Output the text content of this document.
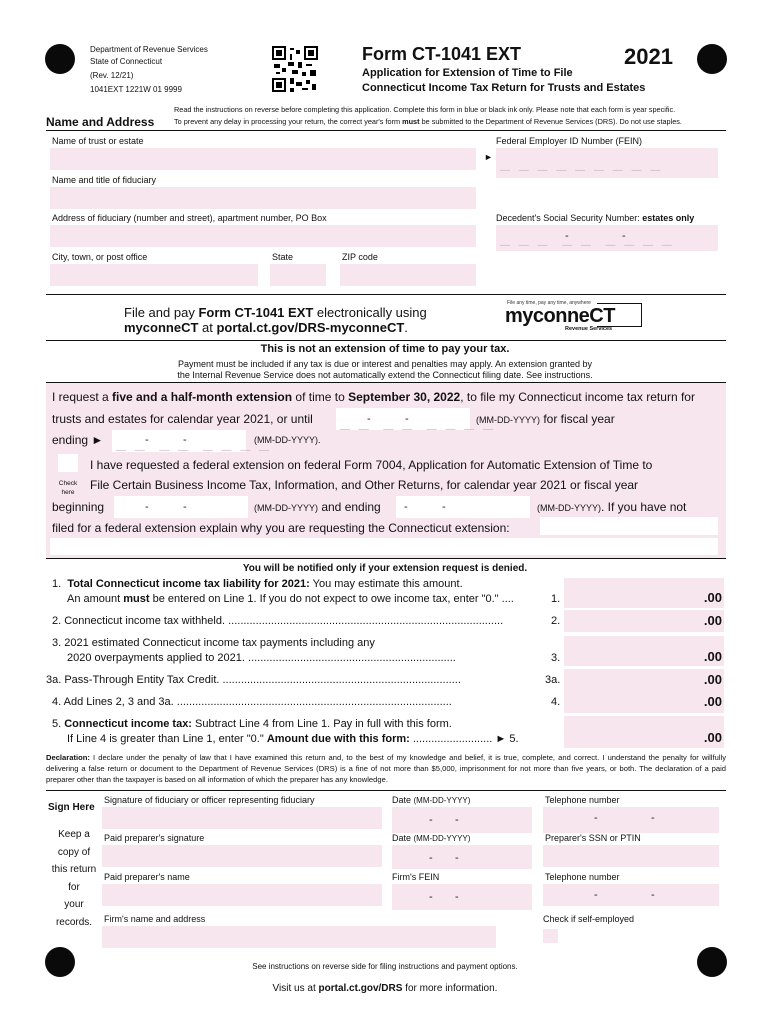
Department of Revenue Services
State of Connecticut
(Rev. 12/21)
1041EXT 1221W 01 9999
Form CT-1041 EXT	2021
Application for Extension of Time to File
Connecticut Income Tax Return for Trusts and Estates
Name and Address
Read the instructions on reverse before completing this application. Complete this form in blue or black ink only. Please note that each form is year specific.
To prevent any delay in processing your return, the correct year's form must be submitted to the Department of Revenue Services (DRS). Do not use staples.
Name of trust or estate	Federal Employer ID Number (FEIN)
►
— — — — — — — — —
Name and title of fiduciary
Address of fiduciary (number and street), apartment number, PO Box	Decedent's Social Security Number: estates only
-	-
— — —  — —  — — — —
City, town, or post office	State	ZIP code
File and pay Form CT-1041 EXT electronically using
myconneCT at portal.ct.gov/DRS-myconneCT.
File any time, pay any time, anywhere
myconneCT
Revenue Services
This is not an extension of time to pay your tax.
Payment must be included if any tax is due or interest and penalties may apply. An extension granted by
the Internal Revenue Service does not automatically extend the Connecticut filing date. See instructions.
I request a five and a half-month extension of time to September 30, 2022, to file my Connecticut income tax return for
trusts and estates for calendar year 2021, or until	-	-
— —  — —  — — — —
(MM-DD-YYYY) for fiscal year
ending ►	-	-
— —  — —  — — — —
(MM-DD-YYYY).
Check here
I have requested a federal extension on federal Form 7004, Application for Automatic Extension of Time to
File Certain Business Income Tax, Information, and Other Returns, for calendar year 2021 or fiscal year
beginning	-	-	(MM-DD-YYYY) and ending -	-	(MM-DD-YYYY). If you have not
filed for a federal extension explain why you are requesting the Connecticut extension:
You will be notified only if your extension request is denied.
1. Total Connecticut income tax liability for 2021: You may estimate this amount.
An amount must be entered on Line 1. If you do not expect to owe income tax, enter "0." ....	1.	.00
2. Connecticut income tax withheld. ..........................................................................................	2.	.00
3. 2021 estimated Connecticut income tax payments including any
2020 overpayments applied to 2021. ....................................................................	3.	.00
3a. Pass-Through Entity Tax Credit. ..............................................................................	3a.	.00
4. Add Lines 2, 3 and 3a. ..........................................................................................	4.	.00
5. Connecticut income tax: Subtract Line 4 from Line 1. Pay in full with this form.
If Line 4 is greater than Line 1, enter "0." Amount due with this form: .......................... ► 5.	.00
Declaration: I declare under the penalty of law that I have examined this return and, to the best of my knowledge and belief, it is true, complete, and correct. I understand the penalty for willfully delivering a false return or document to the Department of Revenue Services (DRS) is a fine of not more than $5,000, imprisonment for not more than five years, or both. The declaration of a paid preparer other than the taxpayer is based on all information of which the preparer has any knowledge.
Sign Here
Keep a
copy of
this return
for
your
records.
Signature of fiduciary or officer representing fiduciary	Date (MM-DD-YYYY)
- -
Telephone number
-	-
Paid preparer's signature	Date (MM-DD-YYYY)
- -
Preparer's SSN or PTIN
Paid preparer's name	Firm's FEIN
- -
Telephone number
-	-
Firm's name and address	Check if self-employed
See instructions on reverse side for filing instructions and payment options.
Visit us at portal.ct.gov/DRS for more information.
